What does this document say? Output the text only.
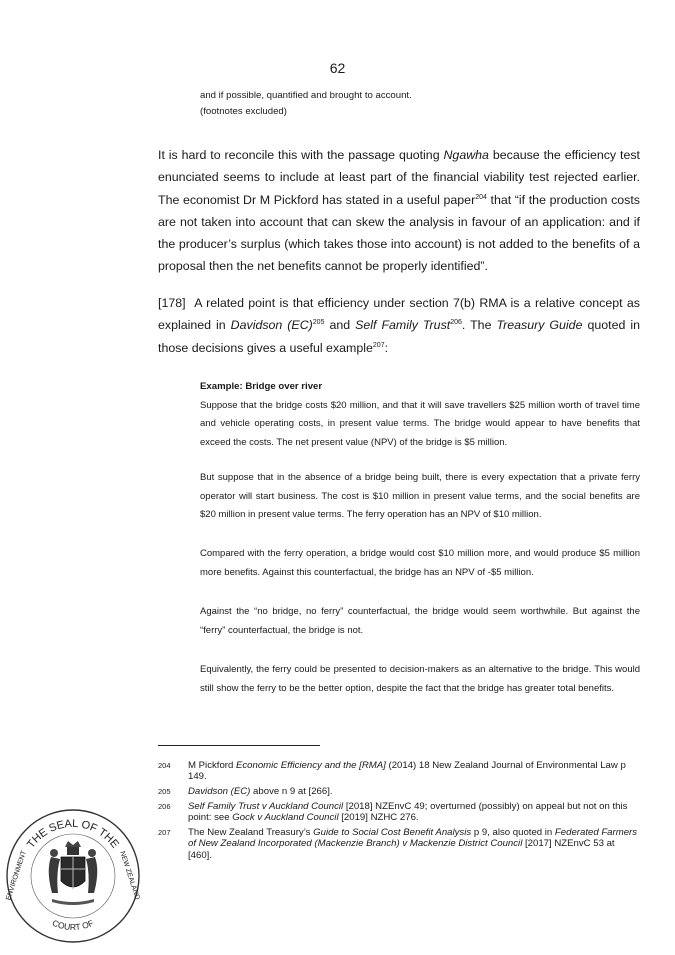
62
and if possible, quantified and brought to account.
(footnotes excluded)
It is hard to reconcile this with the passage quoting Ngawha because the efficiency test enunciated seems to include at least part of the financial viability test rejected earlier. The economist Dr M Pickford has stated in a useful paper$^{204}$ that “if the production costs are not taken into account that can skew the analysis in favour of an application: and if the producer’s surplus (which takes those into account) is not added to the benefits of a proposal then the net benefits cannot be properly identified”.
[178] A related point is that efficiency under section 7(b) RMA is a relative concept as explained in Davidson (EC)$^{205}$ and Self Family Trust$^{206}$. The Treasury Guide quoted in those decisions gives a useful example$^{207}$:
Example: Bridge over river
Suppose that the bridge costs $20 million, and that it will save travellers $25 million worth of travel time and vehicle operating costs, in present value terms. The bridge would appear to have benefits that exceed the costs. The net present value (NPV) of the bridge is $5 million.
But suppose that in the absence of a bridge being built, there is every expectation that a private ferry operator will start business. The cost is $10 million in present value terms, and the social benefits are $20 million in present value terms. The ferry operation has an NPV of $10 million.
Compared with the ferry operation, a bridge would cost $10 million more, and would produce $5 million more benefits. Against this counterfactual, the bridge has an NPV of -$5 million.
Against the “no bridge, no ferry” counterfactual, the bridge would seem worthwhile. But against the “ferry” counterfactual, the bridge is not.
Equivalently, the ferry could be presented to decision-makers as an alternative to the bridge. This would still show the ferry to be the better option, despite the fact that the bridge has greater total benefits.
204 M Pickford Economic Efficiency and the [RMA] (2014) 18 New Zealand Journal of Environmental Law p 149.
205 Davidson (EC) above n 9 at [266].
206 Self Family Trust v Auckland Council [2018] NZEnvC 49; overturned (possibly) on appeal but not on this point: see Gock v Auckland Council [2019] NZHC 276.
207 The New Zealand Treasury’s Guide to Social Cost Benefit Analysis p 9, also quoted in Federated Farmers of New Zealand Incorporated (Mackenzie Branch) v Mackenzie District Council [2017] NZEnvC 53 at [460].
THE SEAL OF THE
COURT OF
ENVIRONMENT	NEW ZEALAND
